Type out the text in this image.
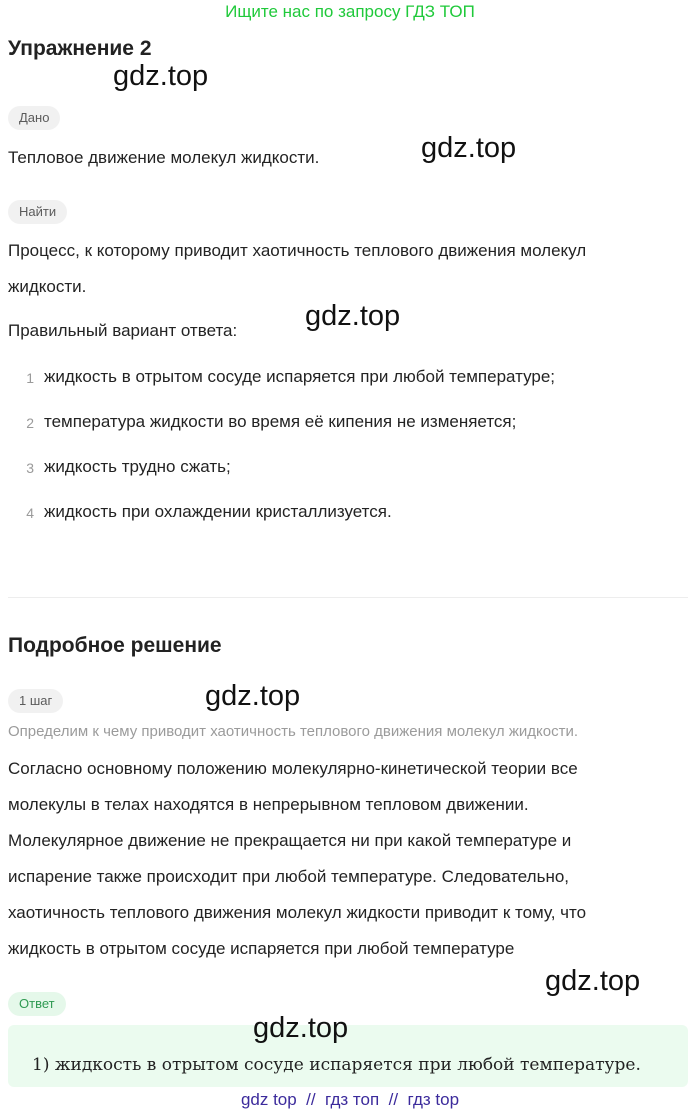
Ищите нас по запросу ГДЗ ТОП
Упражнение 2
gdz.top
Дано
Тепловое движение молекул жидкости.	gdz.top
Найти
Процесс, к которому приводит хаотичность теплового движения молекул
жидкости.
gdz.top
Правильный вариант ответа:
1 жидкость в отрытом сосуде испаряется при любой температуре;
2 температура жидкости во время её кипения не изменяется;
3 жидкость трудно сжать;
4 жидкость при охлаждении кристаллизуется.
Подробное решение
1 шаг	gdz.top
Определим к чему приводит хаотичность теплового движения молекул жидкости.
Согласно основному положению молекулярно-кинетической теории все
молекулы в телах находятся в непрерывном тепловом движении.
Молекулярное движение не прекращается ни при какой температуре и
испарение также происходит при любой температуре. Следовательно,
хаотичность теплового движения молекул жидкости приводит к тому, что
жидкость в отрытом сосуде испаряется при любой температуре
gdz.top
Ответ
1) жидкость в отрытом сосуде испаряется при любой температуре.
gdz.top
gdz top  //  гдз топ  //  гдз top
